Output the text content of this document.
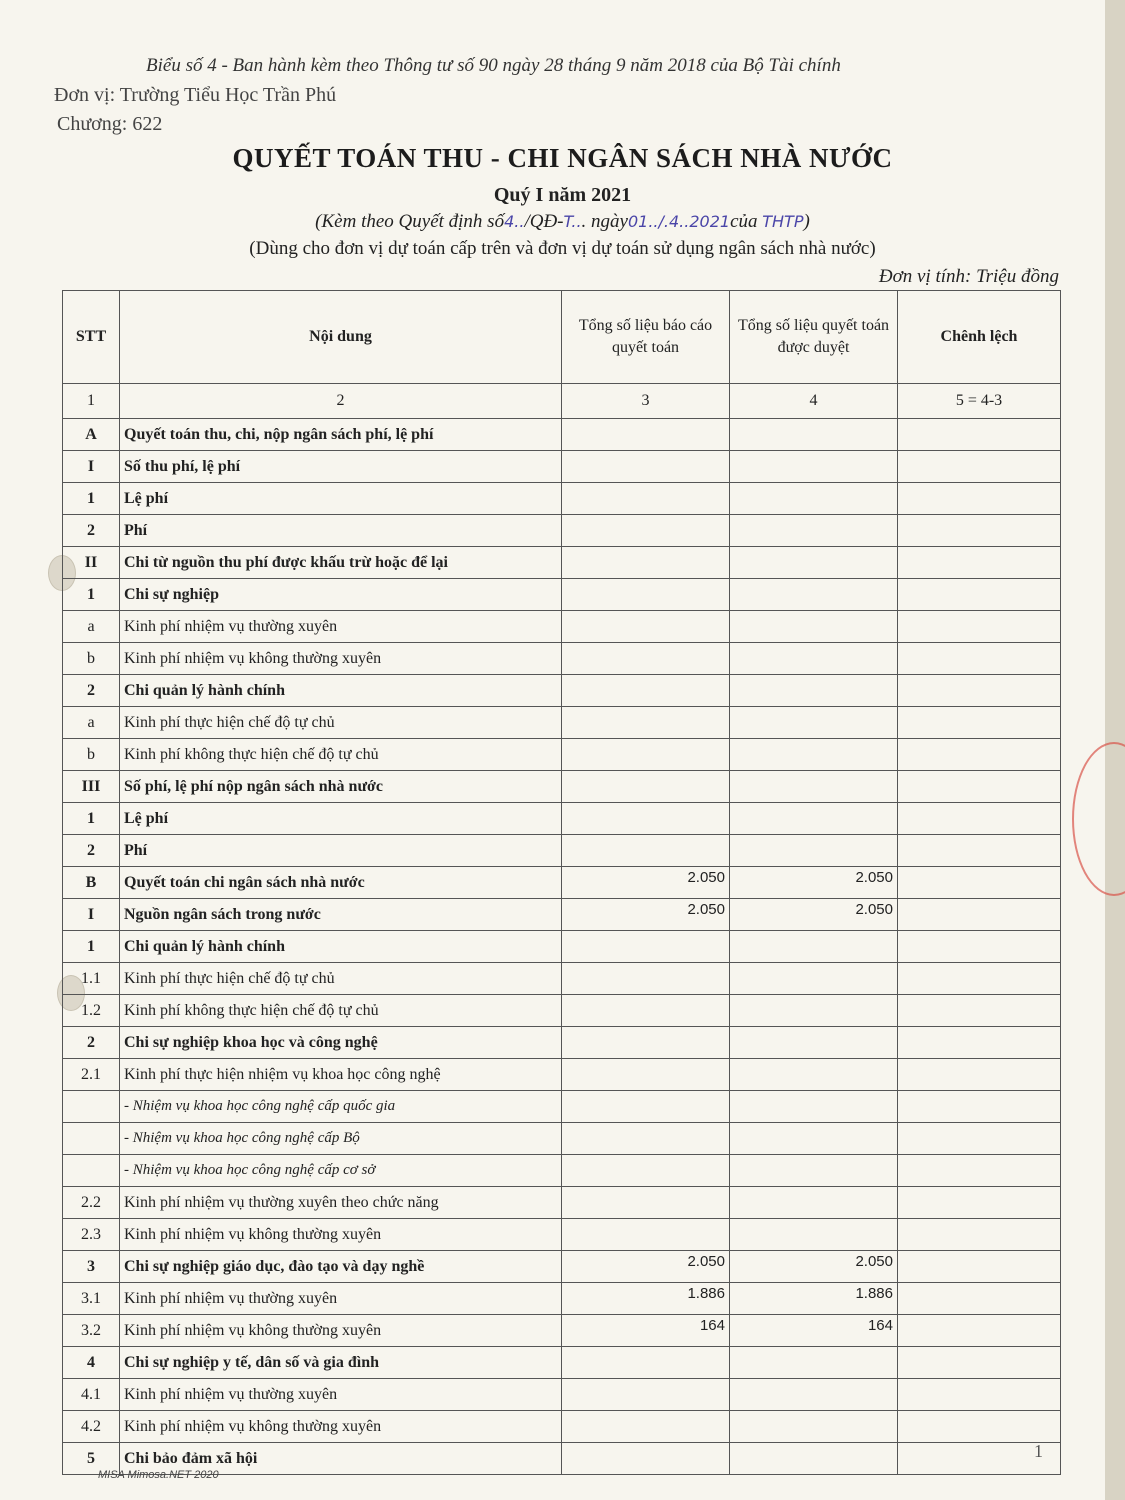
Biểu số 4 - Ban hành kèm theo Thông tư số 90 ngày 28 tháng 9 năm 2018 của Bộ Tài chính
Đơn vị: Trường Tiểu Học Trần Phú
Chương: 622
QUYẾT TOÁN THU - CHI NGÂN SÁCH NHÀ NƯỚC
Quý I năm 2021
(Kèm theo Quyết định số4../QĐ-T... ngày01../.4..2021của THTP)
(Dùng cho đơn vị dự toán cấp trên và đơn vị dự toán sử dụng ngân sách nhà nước)
Đơn vị tính: Triệu đồng
STT	Nội dung	Tổng số liệu báo cáo quyết toán	Tổng số liệu quyết toán được duyệt	Chênh lệch
1	2	3	4	5 = 4-3
A	Quyết toán thu, chi, nộp ngân sách phí, lệ phí			
I	Số thu phí, lệ phí			
1	Lệ phí			
2	Phí			
II	Chi từ nguồn thu phí được khấu trừ hoặc để lại			
1	Chi sự nghiệp			
a	Kinh phí nhiệm vụ thường xuyên			
b	Kinh phí nhiệm vụ không thường xuyên			
2	Chi quản lý hành chính			
a	Kinh phí thực hiện chế độ tự chủ			
b	Kinh phí không thực hiện chế độ tự chủ			
III	Số phí, lệ phí nộp ngân sách nhà nước			
1	Lệ phí			
2	Phí			
B	Quyết toán chi ngân sách nhà nước	2.050	2.050	
I	Nguồn ngân sách trong nước	2.050	2.050	
1	Chi quản lý hành chính			
1.1	Kinh phí thực hiện chế độ tự chủ			
1.2	Kinh phí không thực hiện chế độ tự chủ			
2	Chi sự nghiệp khoa học và công nghệ			
2.1	Kinh phí thực hiện nhiệm vụ khoa học công nghệ			
	- Nhiệm vụ khoa học công nghệ cấp quốc gia			
	- Nhiệm vụ khoa học công nghệ cấp Bộ			
	- Nhiệm vụ khoa học công nghệ cấp cơ sở			
2.2	Kinh phí nhiệm vụ thường xuyên theo chức năng			
2.3	Kinh phí nhiệm vụ không thường xuyên			
3	Chi sự nghiệp giáo dục, đào tạo và dạy nghề	2.050	2.050	
3.1	Kinh phí nhiệm vụ thường xuyên	1.886	1.886	
3.2	Kinh phí nhiệm vụ không thường xuyên	164	164	
4	Chi sự nghiệp y tế, dân số và gia đình			
4.1	Kinh phí nhiệm vụ thường xuyên			
4.2	Kinh phí nhiệm vụ không thường xuyên			
5	Chi bảo đảm xã hội			
MISA Mimosa.NET 2020
1
